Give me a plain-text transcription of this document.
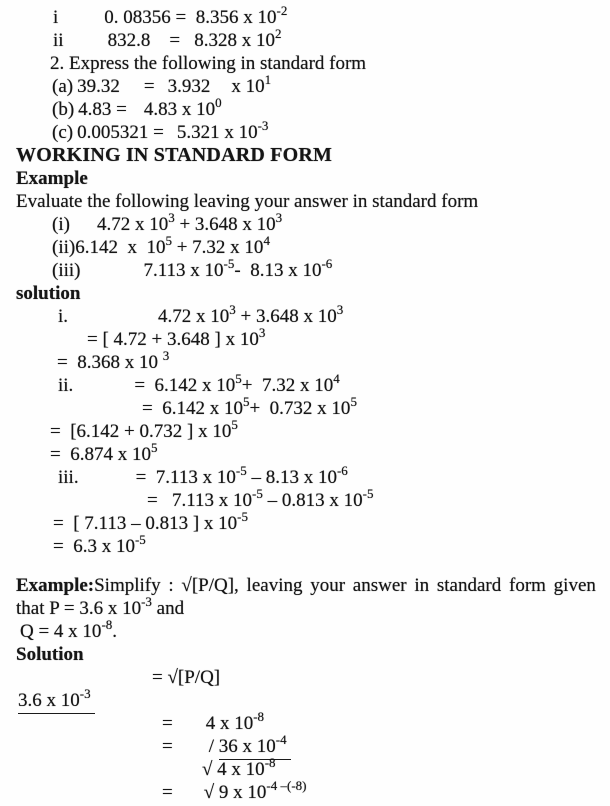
i 0. 08356 =  8.356 x $10^{-2}$
ii 832.8    =   8.328 x $10^2$
2. Express the following in standard form
(a) 39.32 = 3.932 x $10^1$
(b) 4.83 = 4.83 x $10^0$
(c) 0.005321 = 5.321 x $10^{-3}$
WORKING IN STANDARD FORM
Example
Evaluate the following leaving your answer in standard form
(i) 4.72 x $10^3 + 3.648$ x $10^3$
(ii)6.142  x  $10^5 + 7.32$ x $10^4$
(iii)	7.113 x $10^{-5}-$  8.13 x $10^{-6}$
solution
i.	4.72 x $10^3 + 3.648$ x $10^3$
= [ 4.72 + 3.648 ] x $10^3$
=  8.368 x 10 $^3$
ii.	=  6.142 x $10^5+ 7.32$ x $10^4$
=  6.142 x $10^5+ 0.732$ x $10^5$
=  [6.142 + 0.732 ] x $10^5$
=  6.874 x $10^5$
iii.	=  7.113 x $10^{-5} - 8.13$ x $10^{-6}$
=   7.113 x $10^{-5} - 0.813$ x $10^{-5}$
=  [ 7.113 – 0.813 ] x $10^{-5}$
=  6.3 x $10^{-5}$
Example:Simplify : √[P/Q], leaving your answer in standard form given
that P = 3.6 x $10^{-3}$ and
Q = 4 x $10^{-8}$.
Solution
= √[P/Q]
3.6 x $10^{-3}$
= 4 x $10^{-8}$
= / 36 x $10^{-4}$
√ 4 x $10^{-8}$
= √ 9 x $10^{-4 -(-8)}$
